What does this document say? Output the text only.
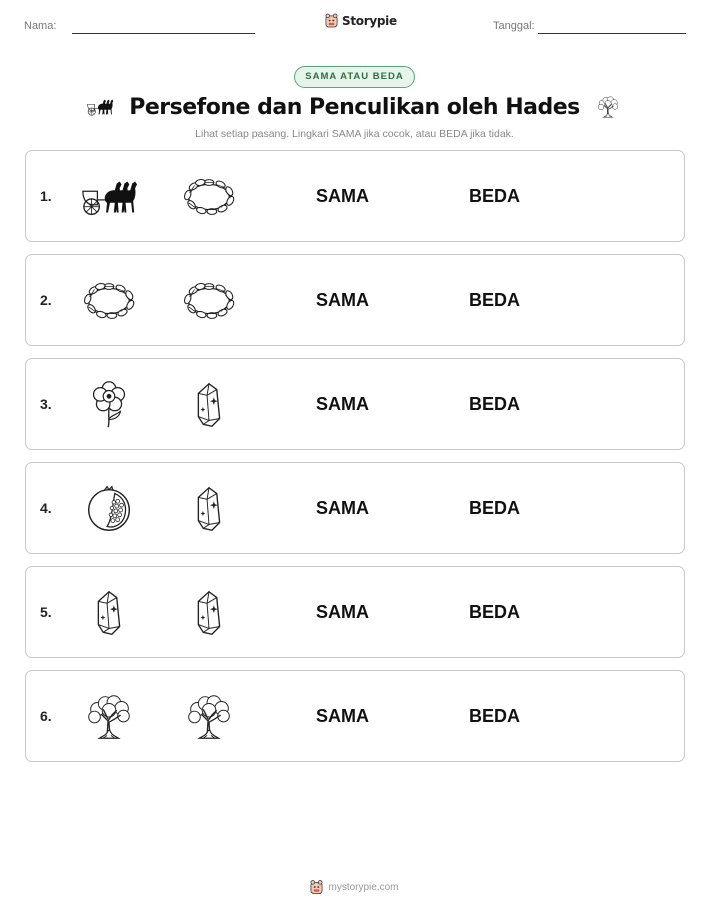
Nama:	Storypie	Tanggal:
SAMA ATAU BEDA
Persefone dan Penculikan oleh Hades
Lihat setiap pasang. Lingkari SAMA jika cocok, atau BEDA jika tidak.
1.	SAMA	BEDA
2.	SAMA	BEDA
3.	SAMA	BEDA
4.	SAMA	BEDA
5.	SAMA	BEDA
6.	SAMA	BEDA
mystorypie.com
